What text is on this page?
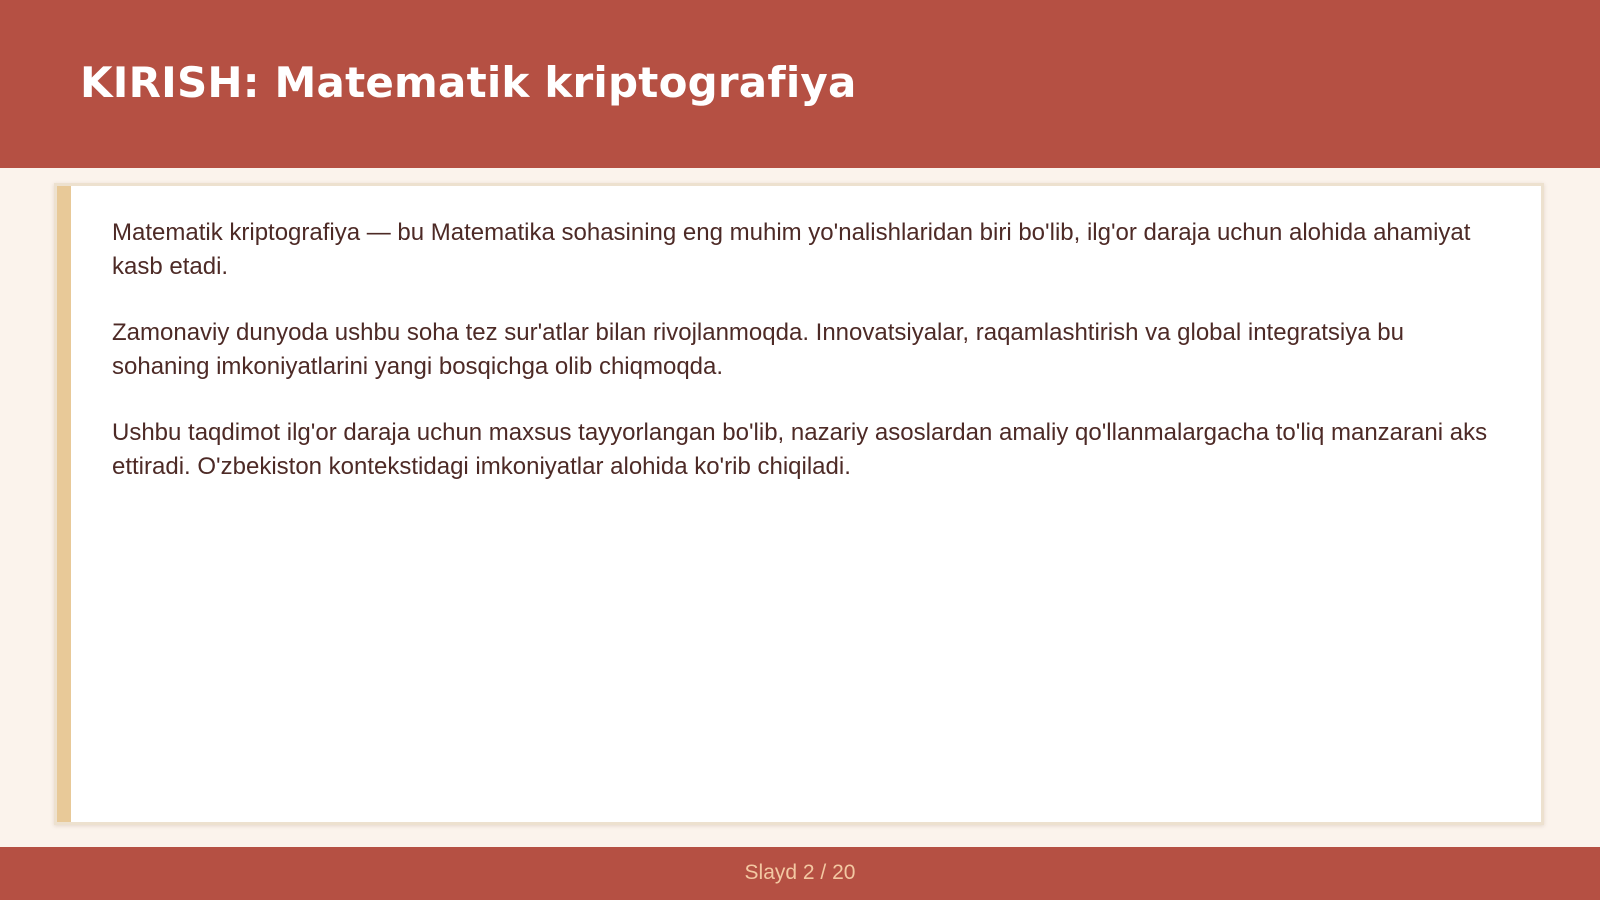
KIRISH: Matematik kriptografiya

Matematik kriptografiya — bu Matematika sohasining eng muhim yo'nalishlaridan biri bo'lib, ilg'or daraja uchun alohida ahamiyat kasb etadi.

Zamonaviy dunyoda ushbu soha tez sur'atlar bilan rivojlanmoqda. Innovatsiyalar, raqamlashtirish va global integratsiya bu sohaning imkoniyatlarini yangi bosqichga olib chiqmoqda.

Ushbu taqdimot ilg'or daraja uchun maxsus tayyorlangan bo'lib, nazariy asoslardan amaliy qo'llanmalargacha to'liq manzarani aks ettiradi. O'zbekiston kontekstidagi imkoniyatlar alohida ko'rib chiqiladi.

Slayd 2 / 20
